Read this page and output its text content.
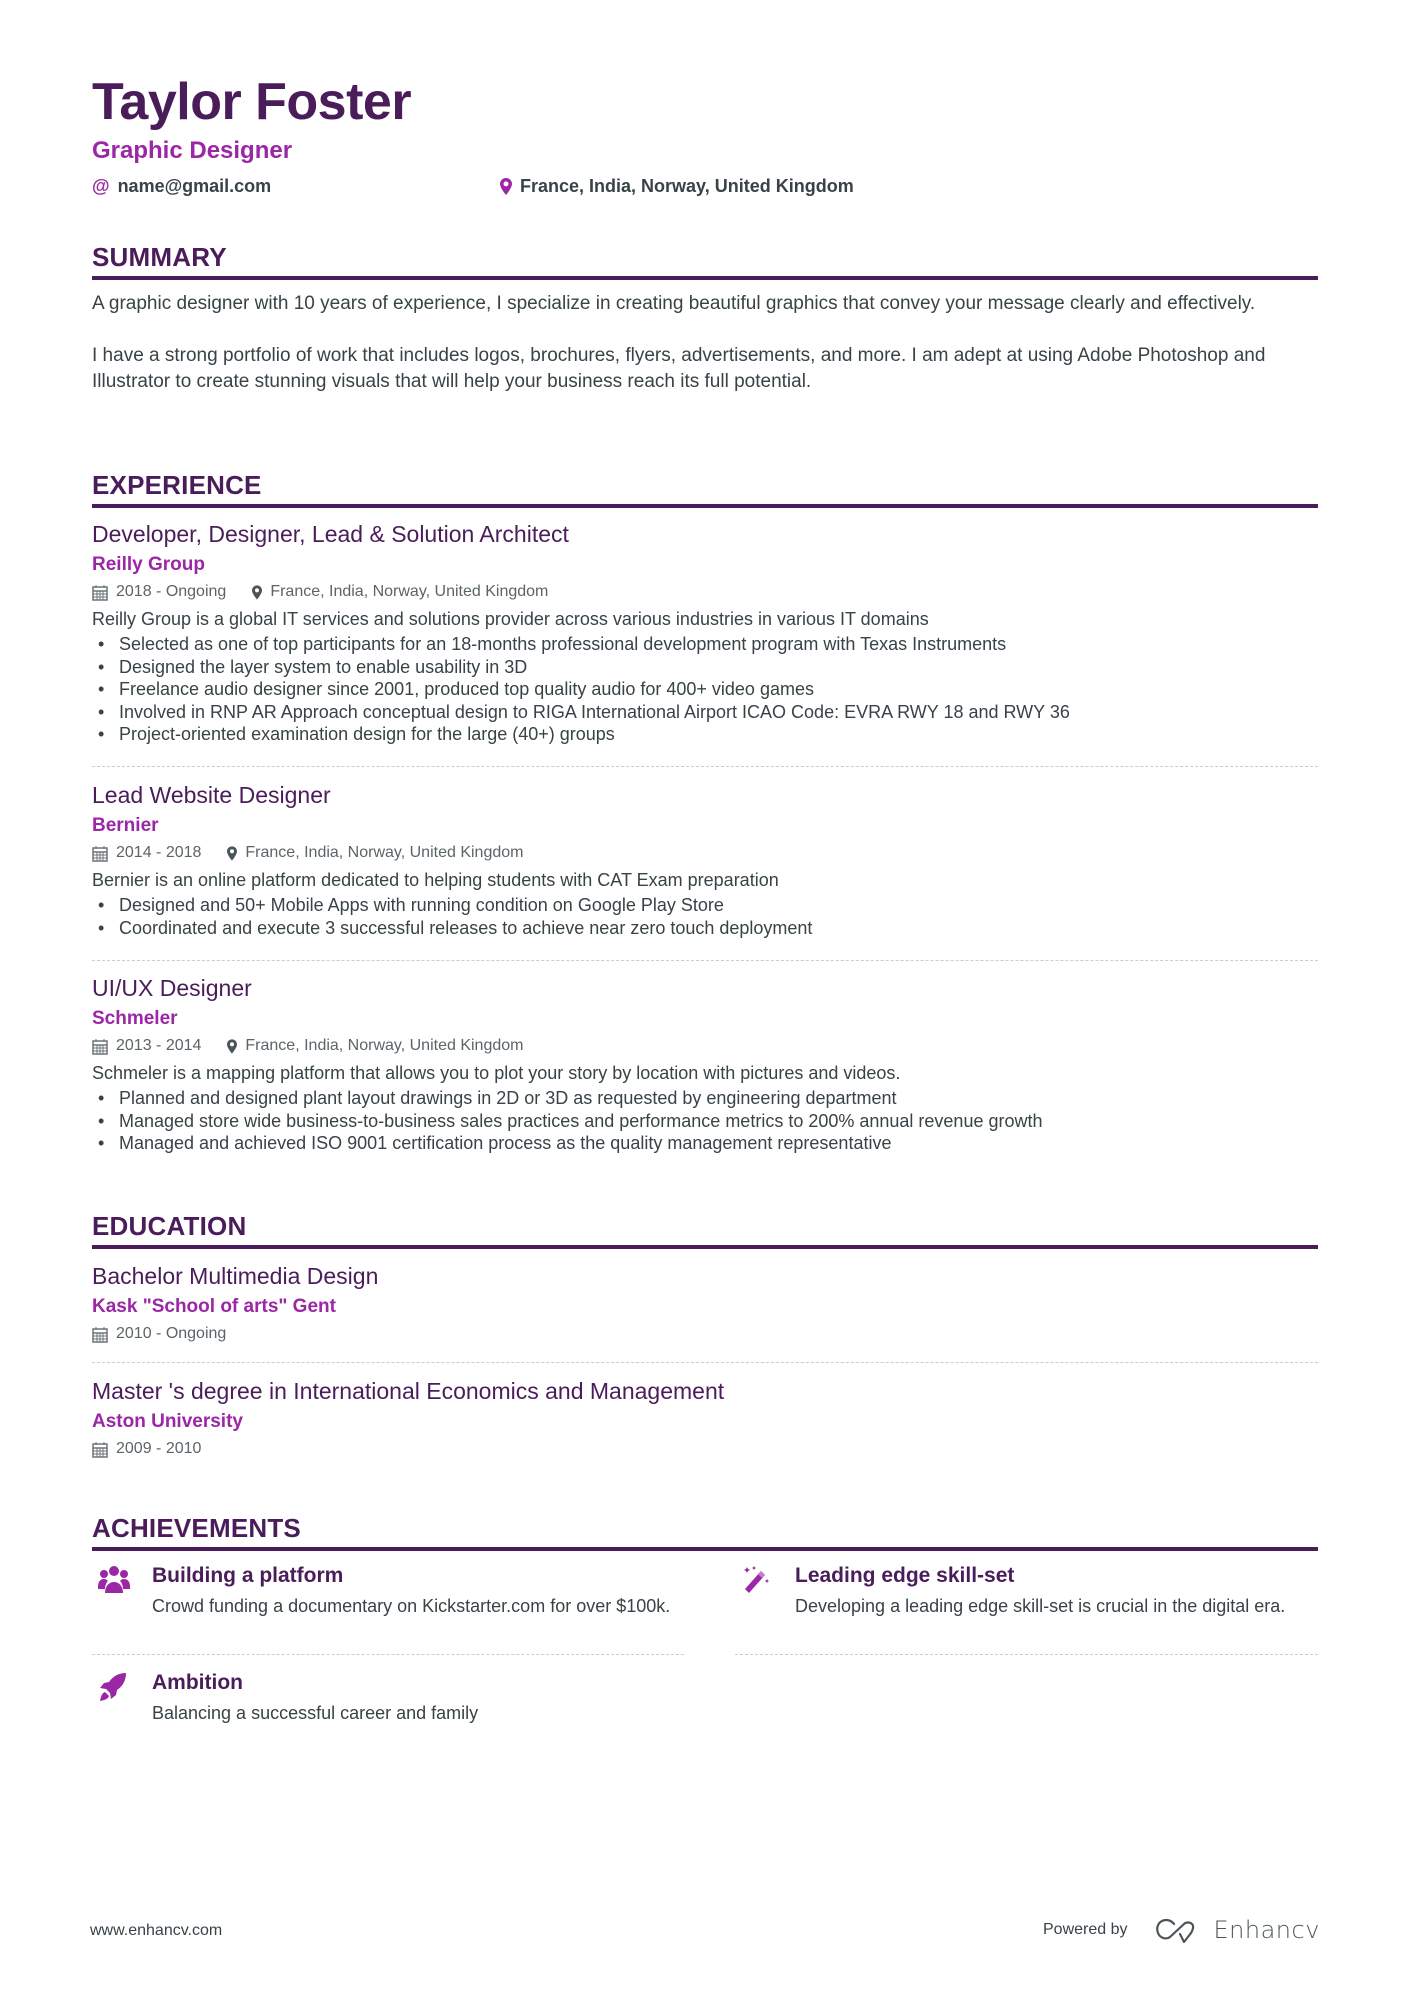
Taylor Foster
Graphic Designer
@ name@gmail.com	France, India, Norway, United Kingdom
SUMMARY

A graphic designer with 10 years of experience, I specialize in creating beautiful graphics that convey your message clearly and effectively.

I have a strong portfolio of work that includes logos, brochures, flyers, advertisements, and more. I am adept at using Adobe Photoshop and Illustrator to create stunning visuals that will help your business reach its full potential.

EXPERIENCE
Developer, Designer, Lead & Solution Architect
Reilly Group
2018 - Ongoing	France, India, Norway, United Kingdom
Reilly Group is a global IT services and solutions provider across various industries in various IT domains
• Selected as one of top participants for an 18-months professional development program with Texas Instruments
• Designed the layer system to enable usability in 3D
• Freelance audio designer since 2001, produced top quality audio for 400+ video games
• Involved in RNP AR Approach conceptual design to RIGA International Airport ICAO Code: EVRA RWY 18 and RWY 36
• Project-oriented examination design for the large (40+) groups
Lead Website Designer
Bernier
2014 - 2018	France, India, Norway, United Kingdom
Bernier is an online platform dedicated to helping students with CAT Exam preparation
• Designed and 50+ Mobile Apps with running condition on Google Play Store
• Coordinated and execute 3 successful releases to achieve near zero touch deployment
UI/UX Designer
Schmeler
2013 - 2014	France, India, Norway, United Kingdom
Schmeler is a mapping platform that allows you to plot your story by location with pictures and videos.
• Planned and designed plant layout drawings in 2D or 3D as requested by engineering department
• Managed store wide business-to-business sales practices and performance metrics to 200% annual revenue growth
• Managed and achieved ISO 9001 certification process as the quality management representative
EDUCATION
Bachelor Multimedia Design
Kask "School of arts" Gent
2010 - Ongoing
Master 's degree in International Economics and Management
Aston University
2009 - 2010
ACHIEVEMENTS
Building a platform
Crowd funding a documentary on Kickstarter.com for over $100k.
Leading edge skill-set
Developing a leading edge skill-set is crucial in the digital era.
Ambition
Balancing a successful career and family
www.enhancv.com	Powered by	Enhancv
